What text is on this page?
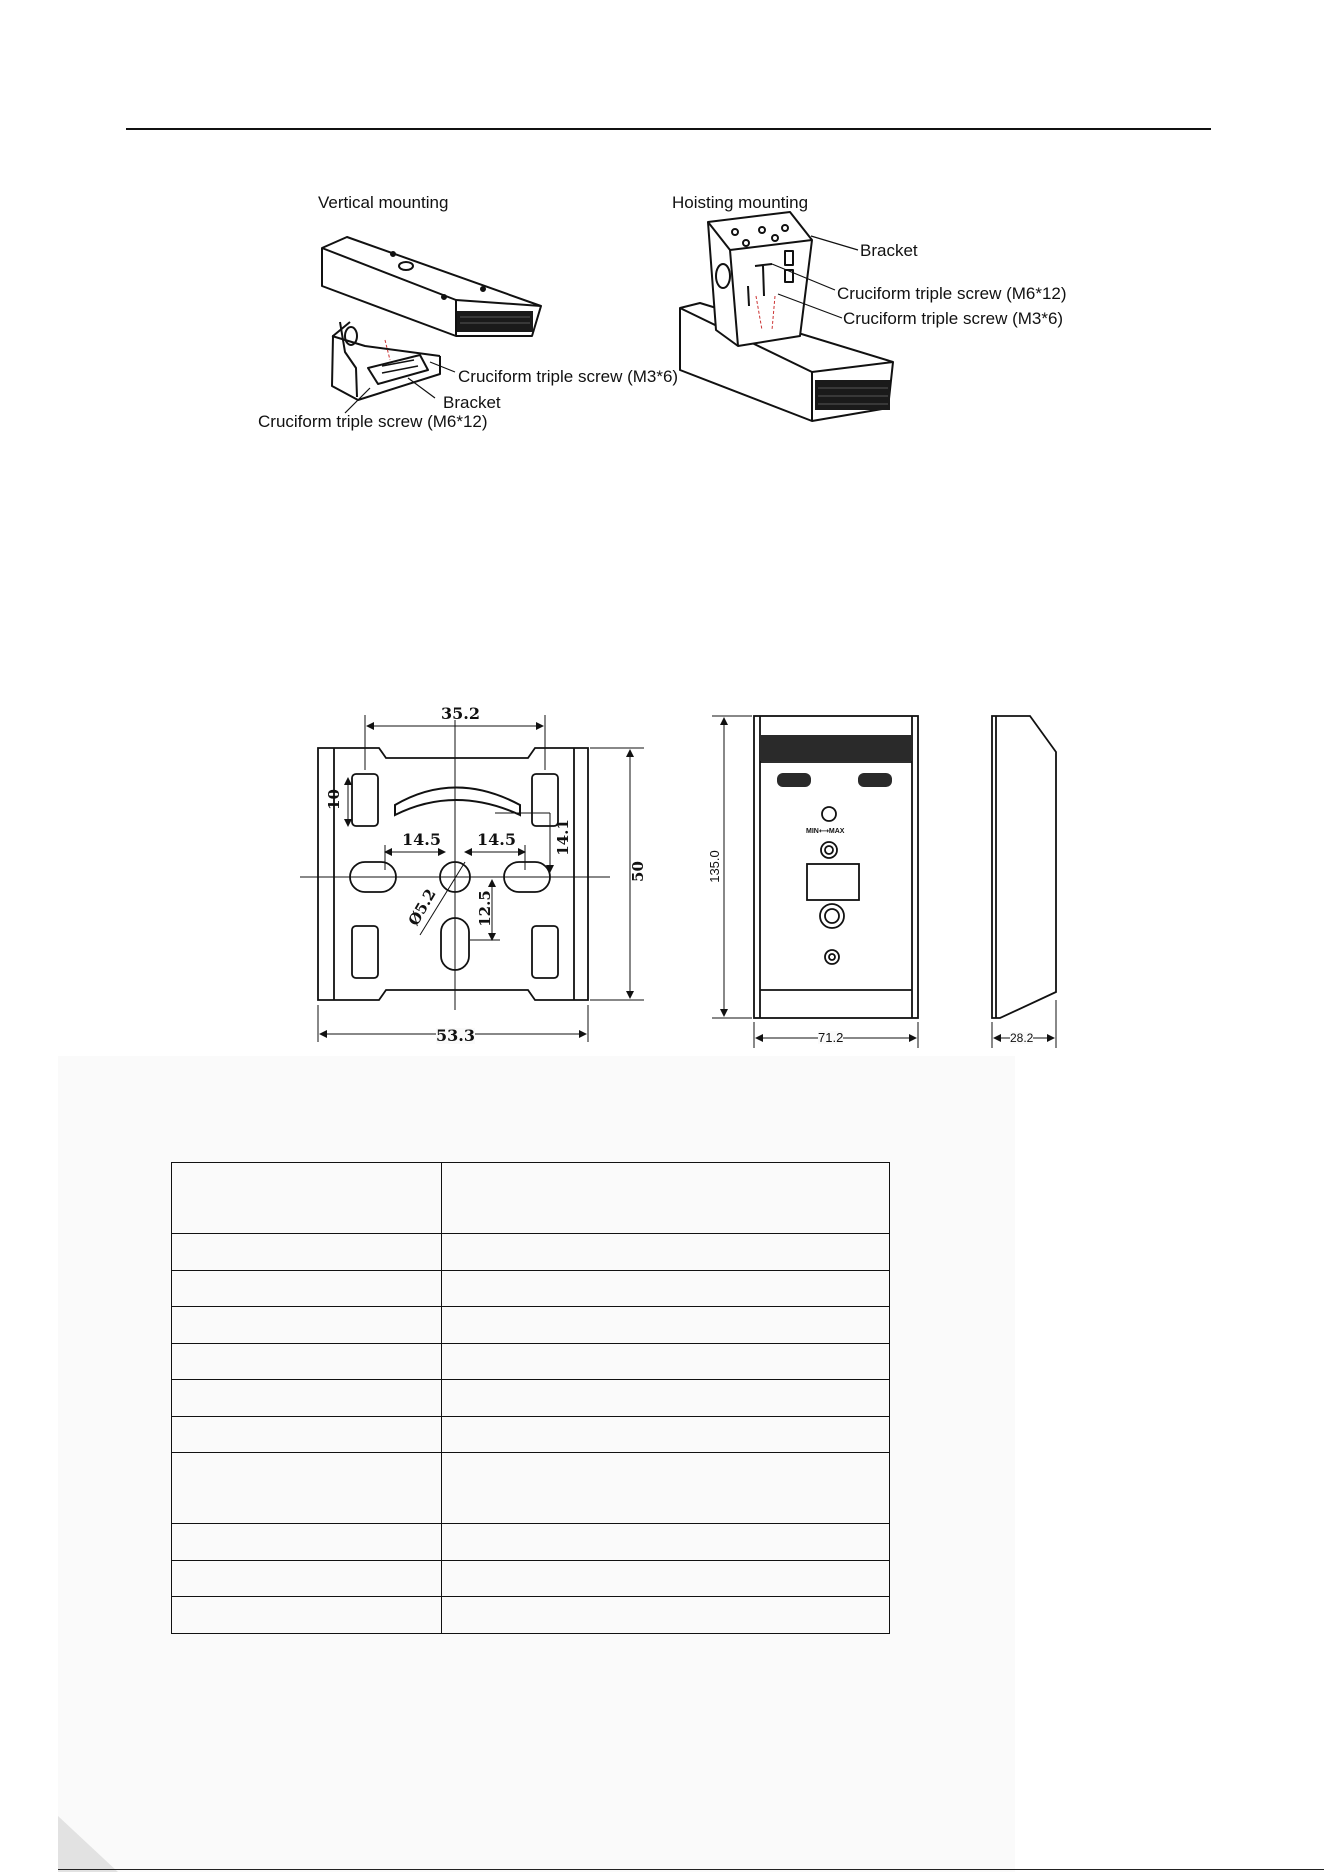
Vertical mounting	Hoisting mounting
Cruciform triple screw (M3*6)
Bracket
Cruciform triple screw (M6*12)
Bracket
Cruciform triple screw (M6*12)
Cruciform triple screw (M3*6)
35.2
10
14.5 14.5	14.1
Ø5.2 12.5
50
53.3
135.0
71.2
MIN⟷MAX
28.2
